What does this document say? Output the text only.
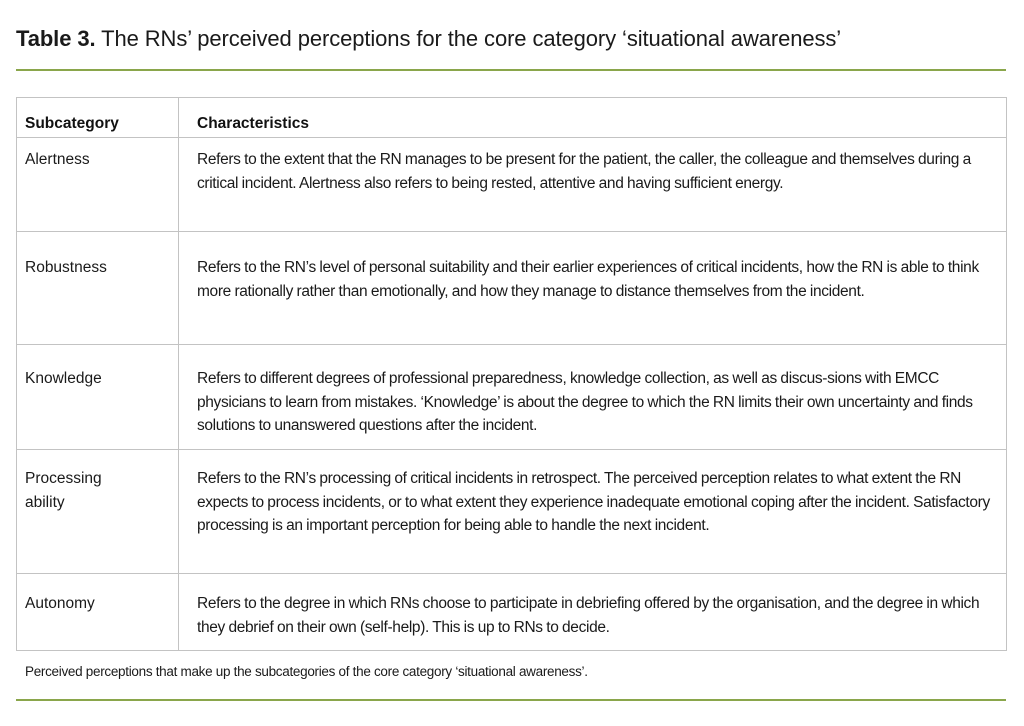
Table 3. The RNs’ perceived perceptions for the core category ‘situational awareness’
Subcategory	Characteristics

Alertness	Refers to the extent that the RN manages to be present for the patient, the caller, the colleague and themselves during a critical incident. Alertness also refers to being rested, attentive and having sufficient energy.

Robustness	Refers to the RN’s level of personal suitability and their earlier experiences of critical incidents, how the RN is able to think more rationally rather than emotionally, and how they manage to distance themselves from the incident.

Knowledge	Refers to different degrees of professional preparedness, knowledge collection, as well as discus-sions with EMCC physicians to learn from mistakes. ‘Knowledge’ is about the degree to which the RN limits their own uncertainty and finds solutions to unanswered questions after the incident.

Processing ability	Refers to the RN’s processing of critical incidents in retrospect. The perceived perception relates to what extent the RN expects to process incidents, or to what extent they experience inadequate emotional coping after the incident. Satisfactory processing is an important perception for being able to handle the next incident.

Autonomy	Refers to the degree in which RNs choose to participate in debriefing offered by the organisation, and the degree in which they debrief on their own (self-help). This is up to RNs to decide.
Perceived perceptions that make up the subcategories of the core category ‘situational awareness’.
